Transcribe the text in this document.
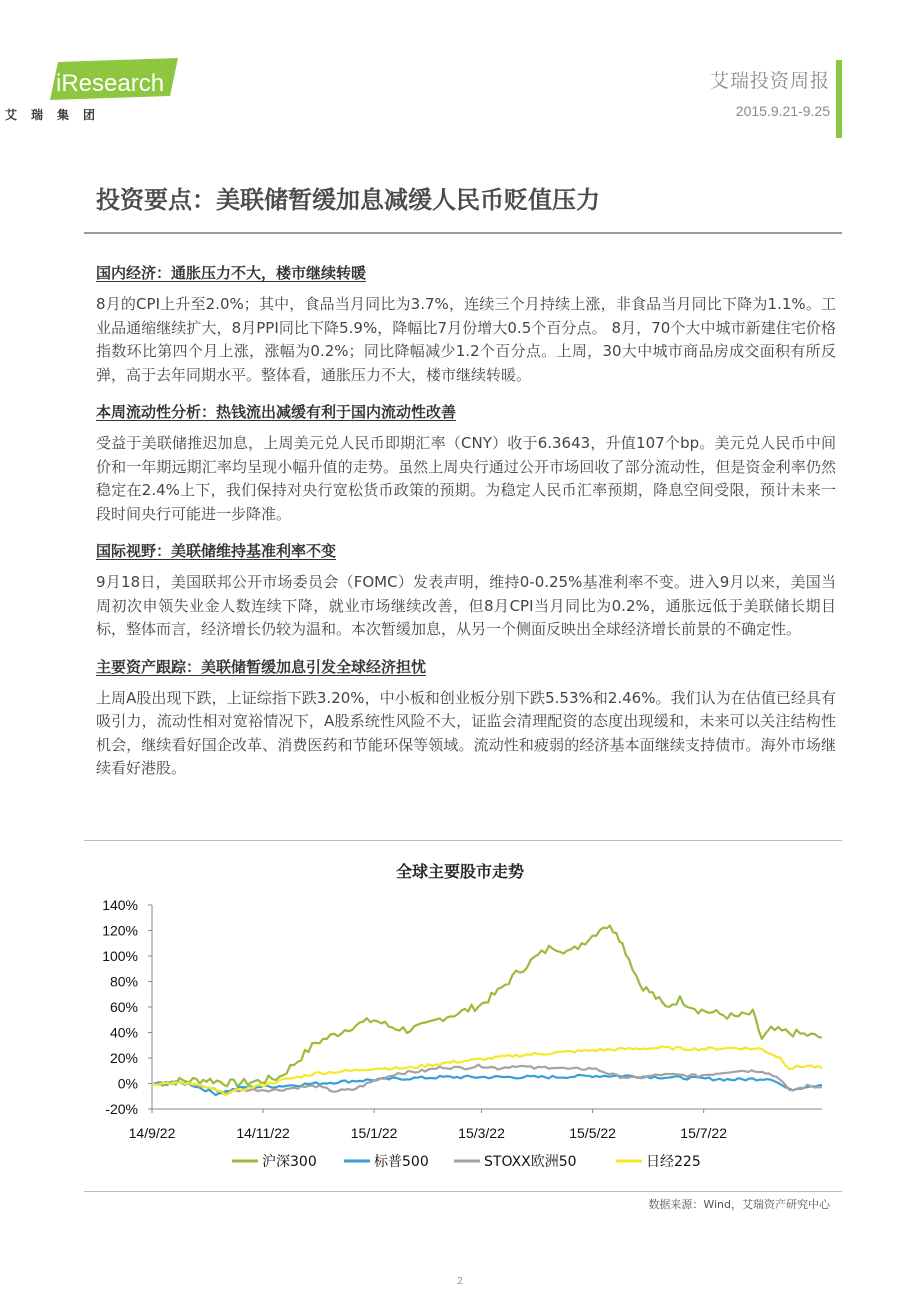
iResearch
艾瑞集团
艾瑞投资周报
2015.9.21-9.25
投资要点：美联储暂缓加息减缓人民币贬值压力
国内经济：通胀压力不大，楼市继续转暖

8月的CPI上升至2.0%；其中，食品当月同比为3.7%，连续三个月持续上涨，非食品当月同比下降为1.1%。工业品通缩继续扩大，8月PPI同比下降5.9%，降幅比7月份增大0.5个百分点。 8月，70个大中城市新建住宅价格指数环比第四个月上涨，涨幅为0.2%；同比降幅减少1.2个百分点。上周，30大中城市商品房成交面积有所反弹，高于去年同期水平。整体看，通胀压力不大，楼市继续转暖。

本周流动性分析：热钱流出减缓有利于国内流动性改善

受益于美联储推迟加息，上周美元兑人民币即期汇率（CNY）收于6.3643，升值107个bp。美元兑人民币中间价和一年期远期汇率均呈现小幅升值的走势。虽然上周央行通过公开市场回收了部分流动性，但是资金利率仍然稳定在2.4%上下，我们保持对央行宽松货币政策的预期。为稳定人民币汇率预期，降息空间受限，预计未来一段时间央行可能进一步降准。

国际视野：美联储维持基准利率不变

9月18日，美国联邦公开市场委员会（FOMC）发表声明，维持0-0.25%基准利率不变。进入9月以来，美国当周初次申领失业金人数连续下降，就业市场继续改善，但8月CPI当月同比为0.2%，通胀远低于美联储长期目标，整体而言，经济增长仍较为温和。本次暂缓加息，从另一个侧面反映出全球经济增长前景的不确定性。

主要资产跟踪：美联储暂缓加息引发全球经济担忧

上周A股出现下跌，上证综指下跌3.20%，中小板和创业板分别下跌5.53%和2.46%。我们认为在估值已经具有吸引力，流动性相对宽裕情况下，A股系统性风险不大，证监会清理配资的态度出现缓和，未来可以关注结构性机会，继续看好国企改革、消费医药和节能环保等领域。流动性和疲弱的经济基本面继续支持债市。海外市场继续看好港股。

全球主要股市走势
140%
120%
100%
80%
60%
40%
20%
0%
-20%
14/9/22	14/11/22	15/1/22	15/3/22	15/5/22	15/7/22
沪深300	标普500	STOXX欧洲50	日经225
数据来源：Wind，艾瑞资产研究中心
2
